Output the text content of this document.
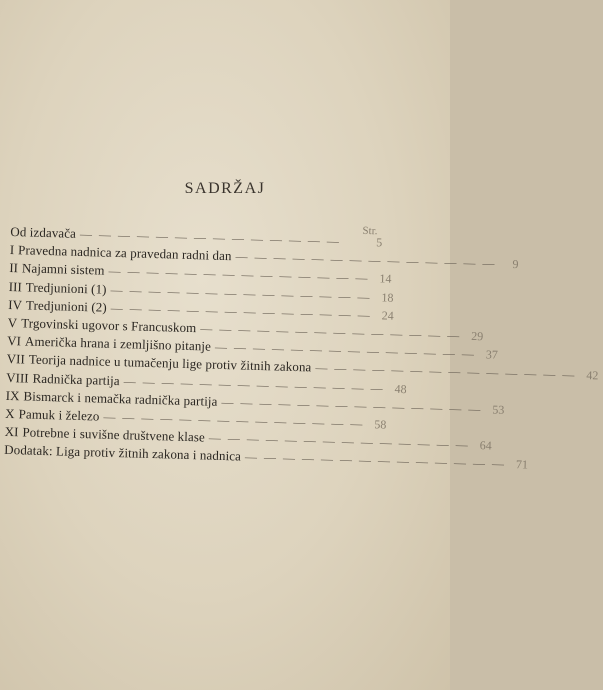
SADRŽAJ
Str.
Od izdavača — — — — — — — — — — — — — —	5
I Pravedna nadnica za pravedan radni dan — — — — — — — — — — — — — —	9
II Najamni sistem — — — — — — — — — — — — — — 14
III Tredjunioni (1) — — — — — — — — — — — — — — 18
IV Tredjunioni (2) — — — — — — — — — — — — — — 24
V Trgovinski ugovor s Francuskom — — — — — — — — — — — — — — 29
VI Američka hrana i zemljišno pitanje — — — — — — — — — — — — — — 37
VII Teorija nadnice u tumačenju lige protiv žitnih zakona — — — — — — — — — — — — — — 42
VIII Radnička partija — — — — — — — — — — — — — — 48
IX Bismarck i nemačka radnička partija — — — — — — — — — — — — — — 53
X Pamuk i železo — — — — — — — — — — — — — — 58
XI Potrebne i suvišne društvene klase — — — — — — — — — — — — — — 64
Dodatak: Liga protiv žitnih zakona i nadnica — — — — — — — — — — — — — — 71
